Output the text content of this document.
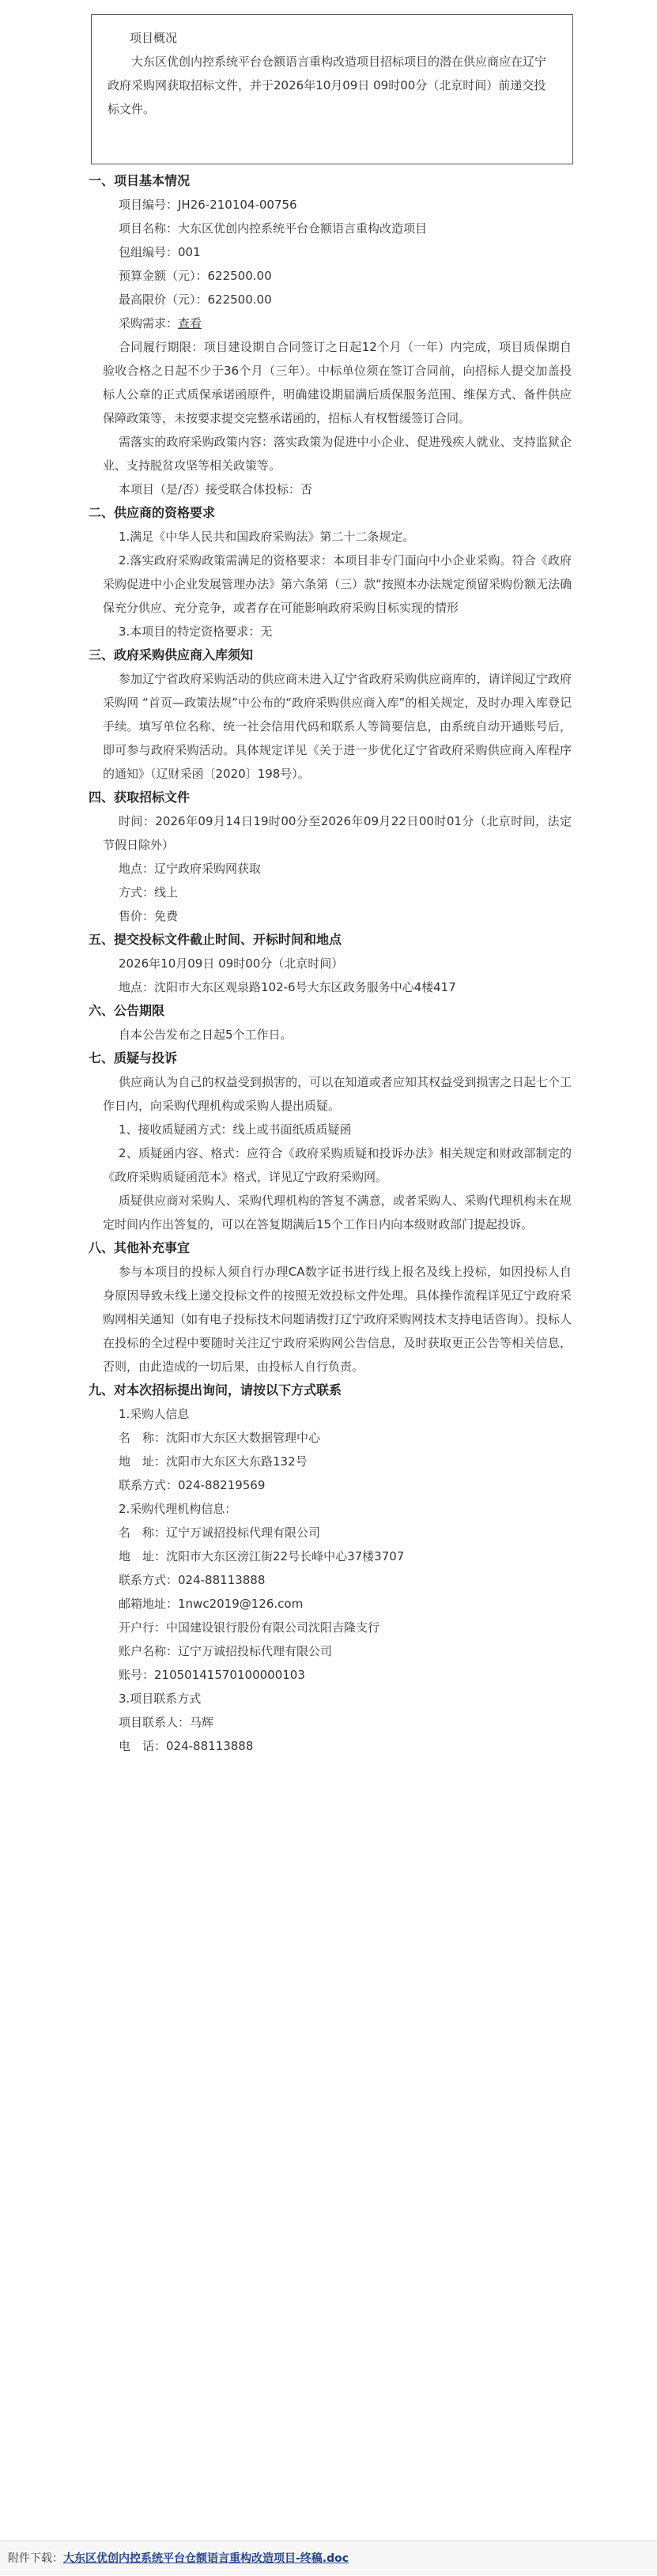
项目概况
大东区优创内控系统平台仓额语言重构改造项目招标项目的潜在供应商应在辽宁政府采购网获取招标文件，并于2026年10月09日 09时00分（北京时间）前递交投标文件。
一、项目基本情况
项目编号：JH26-210104-00756
项目名称：大东区优创内控系统平台仓额语言重构改造项目
包组编号：001
预算金额（元）：622500.00
最高限价（元）：622500.00
采购需求：查看
合同履行期限：项目建设期自合同签订之日起12个月（一年）内完成，项目质保期自验收合格之日起不少于36个月（三年）。中标单位须在签订合同前，向招标人提交加盖投标人公章的正式质保承诺函原件，明确建设期届满后质保服务范围、维保方式、备件供应保障政策等，未按要求提交完整承诺函的，招标人有权暂缓签订合同。
需落实的政府采购政策内容：落实政策为促进中小企业、促进残疾人就业、支持监狱企业、支持脱贫攻坚等相关政策等。
本项目（是/否）接受联合体投标：否
二、供应商的资格要求
1.满足《中华人民共和国政府采购法》第二十二条规定。
2.落实政府采购政策需满足的资格要求：本项目非专门面向中小企业采购。符合《政府采购促进中小企业发展管理办法》第六条第（三）款“按照本办法规定预留采购份额无法确保充分供应、充分竞争，或者存在可能影响政府采购目标实现的情形
3.本项目的特定资格要求：无
三、政府采购供应商入库须知
参加辽宁省政府采购活动的供应商未进入辽宁省政府采购供应商库的，请详阅辽宁政府采购网 “首页—政策法规”中公布的“政府采购供应商入库”的相关规定，及时办理入库登记手续。填写单位名称、统一社会信用代码和联系人等简要信息，由系统自动开通账号后，即可参与政府采购活动。具体规定详见《关于进一步优化辽宁省政府采购供应商入库程序的通知》（辽财采函〔2020〕198号）。
四、获取招标文件
时间：2026年09月14日19时00分至2026年09月22日00时01分（北京时间，法定节假日除外）
地点：辽宁政府采购网获取
方式：线上
售价：免费
五、提交投标文件截止时间、开标时间和地点
2026年10月09日 09时00分（北京时间）
地点：沈阳市大东区观泉路102-6号大东区政务服务中心4楼417
六、公告期限
自本公告发布之日起5个工作日。
七、质疑与投诉
供应商认为自己的权益受到损害的，可以在知道或者应知其权益受到损害之日起七个工作日内，向采购代理机构或采购人提出质疑。
1、接收质疑函方式：线上或书面纸质质疑函
2、质疑函内容、格式：应符合《政府采购质疑和投诉办法》相关规定和财政部制定的《政府采购质疑函范本》格式，详见辽宁政府采购网。
质疑供应商对采购人、采购代理机构的答复不满意，或者采购人、采购代理机构未在规定时间内作出答复的，可以在答复期满后15个工作日内向本级财政部门提起投诉。
八、其他补充事宜
参与本项目的投标人须自行办理CA数字证书进行线上报名及线上投标，如因投标人自身原因导致未线上递交投标文件的按照无效投标文件处理。具体操作流程详见辽宁政府采购网相关通知（如有电子投标技术问题请拨打辽宁政府采购网技术支持电话咨询）。投标人在投标的全过程中要随时关注辽宁政府采购网公告信息，及时获取更正公告等相关信息，否则，由此造成的一切后果，由投标人自行负责。
九、对本次招标提出询问，请按以下方式联系
1.采购人信息
名　称：沈阳市大东区大数据管理中心
地　址：沈阳市大东区大东路132号
联系方式：024-88219569
2.采购代理机构信息：
名　称：辽宁万诚招投标代理有限公司
地　址：沈阳市大东区滂江街22号长峰中心37楼3707
联系方式：024-88113888
邮箱地址：1nwc2019@126.com
开户行：中国建设银行股份有限公司沈阳吉隆支行
账户名称：辽宁万诚招投标代理有限公司
账号：21050141570100000103
3.项目联系方式
项目联系人：马辉
电　话：024-88113888
附件下载：大东区优创内控系统平台仓额语言重构改造项目-终稿.doc
